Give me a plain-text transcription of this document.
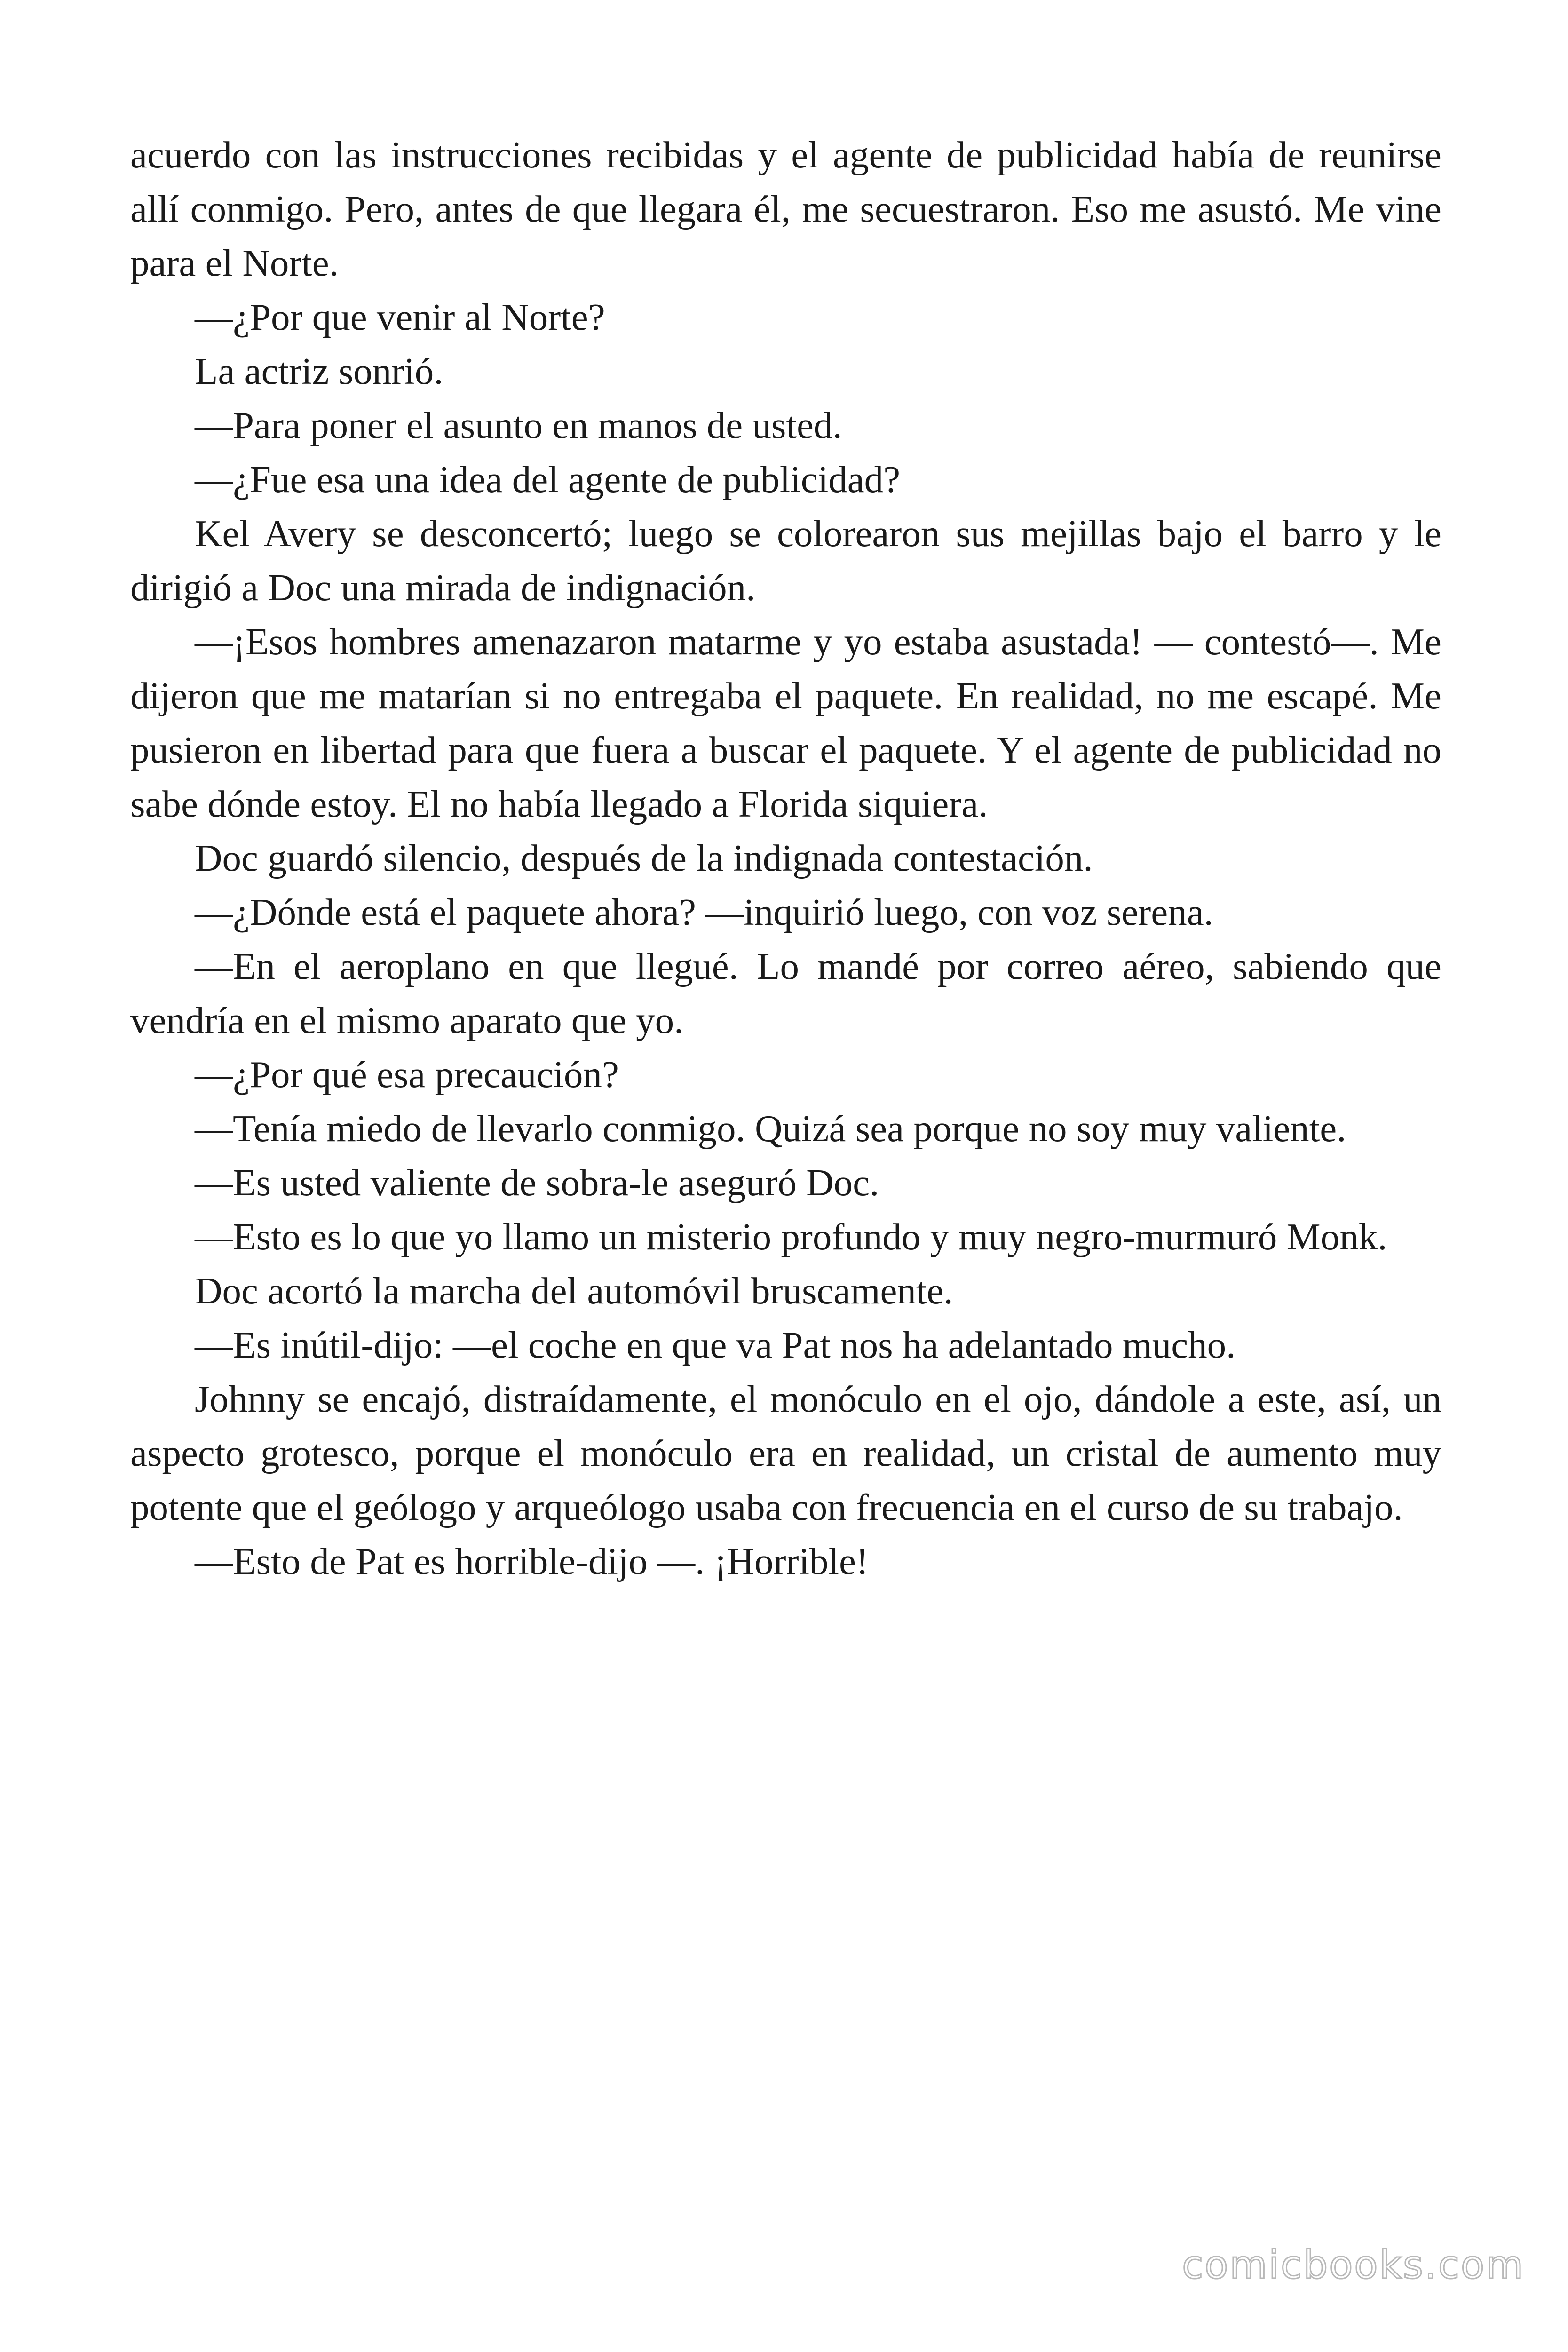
acuerdo con las instrucciones recibidas y el agente de publicidad había de reunirse allí conmigo. Pero, antes de que llegara él, me secuestraron. Eso me asustó. Me vine para el Norte.

—¿Por que venir al Norte?

La actriz sonrió.

—Para poner el asunto en manos de usted.

—¿Fue esa una idea del agente de publicidad?

Kel Avery se desconcertó; luego se colorearon sus mejillas bajo el barro y le dirigió a Doc una mirada de indignación.

—¡Esos hombres amenazaron matarme y yo estaba asustada! — contestó—. Me dijeron que me matarían si no entregaba el paquete. En realidad, no me escapé. Me pusieron en libertad para que fuera a buscar el paquete. Y el agente de publicidad no sabe dónde estoy. El no había llegado a Florida siquiera.

Doc guardó silencio, después de la indignada contestación.

—¿Dónde está el paquete ahora? —inquirió luego, con voz serena.

—En el aeroplano en que llegué. Lo mandé por correo aéreo, sabiendo que vendría en el mismo aparato que yo.

—¿Por qué esa precaución?

—Tenía miedo de llevarlo conmigo. Quizá sea porque no soy muy valiente.

—Es usted valiente de sobra-le aseguró Doc.

—Esto es lo que yo llamo un misterio profundo y muy negro-murmuró Monk.

Doc acortó la marcha del automóvil bruscamente.

—Es inútil-dijo: —el coche en que va Pat nos ha adelantado mucho.

Johnny se encajó, distraídamente, el monóculo en el ojo, dándole a este, así, un aspecto grotesco, porque el monóculo era en realidad, un cristal de aumento muy potente que el geólogo y arqueólogo usaba con frecuencia en el curso de su trabajo.

—Esto de Pat es horrible-dijo —. ¡Horrible!

comicbooks.com
